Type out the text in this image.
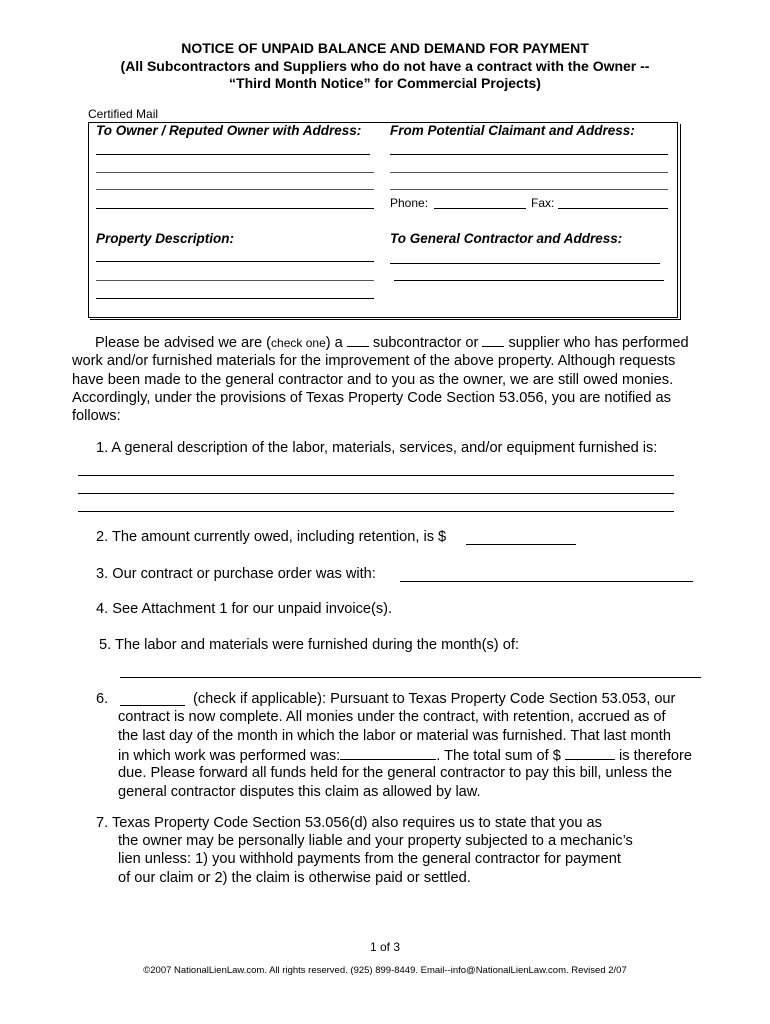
NOTICE OF UNPAID BALANCE AND DEMAND FOR PAYMENT
(All Subcontractors and Suppliers who do not have a contract with the Owner --
“Third Month Notice” for Commercial Projects)
Certified Mail
To Owner / Reputed Owner with Address: From Potential Claimant and Address:
Phone:	Fax:
Property Description:	To General Contractor and Address:
Please be advised we are (check one) a subcontractor or supplier who has performed
work and/or furnished materials for the improvement of the above property. Although requests
have been made to the general contractor and to you as the owner, we are still owed monies.
Accordingly, under the provisions of Texas Property Code Section 53.056, you are notified as
follows:
1. A general description of the labor, materials, services, and/or equipment furnished is:
2. The amount currently owed, including retention, is $
3. Our contract or purchase order was with:
4. See Attachment 1 for our unpaid invoice(s).
5. The labor and materials were furnished during the month(s) of:
6.	(check if applicable): Pursuant to Texas Property Code Section 53.053, our
contract is now complete. All monies under the contract, with retention, accrued as of
the last day of the month in which the labor or material was furnished. That last month
in which work was performed was:	. The total sum of $	is therefore
due. Please forward all funds held for the general contractor to pay this bill, unless the
general contractor disputes this claim as allowed by law.
7. Texas Property Code Section 53.056(d) also requires us to state that you as
the owner may be personally liable and your property subjected to a mechanic’s
lien unless: 1) you withhold payments from the general contractor for payment
of our claim or 2) the claim is otherwise paid or settled.
1 of 3
©2007 NationalLienLaw.com. All rights reserved. (925) 899-8449. Email--info@NationalLienLaw.com. Revised 2/07
